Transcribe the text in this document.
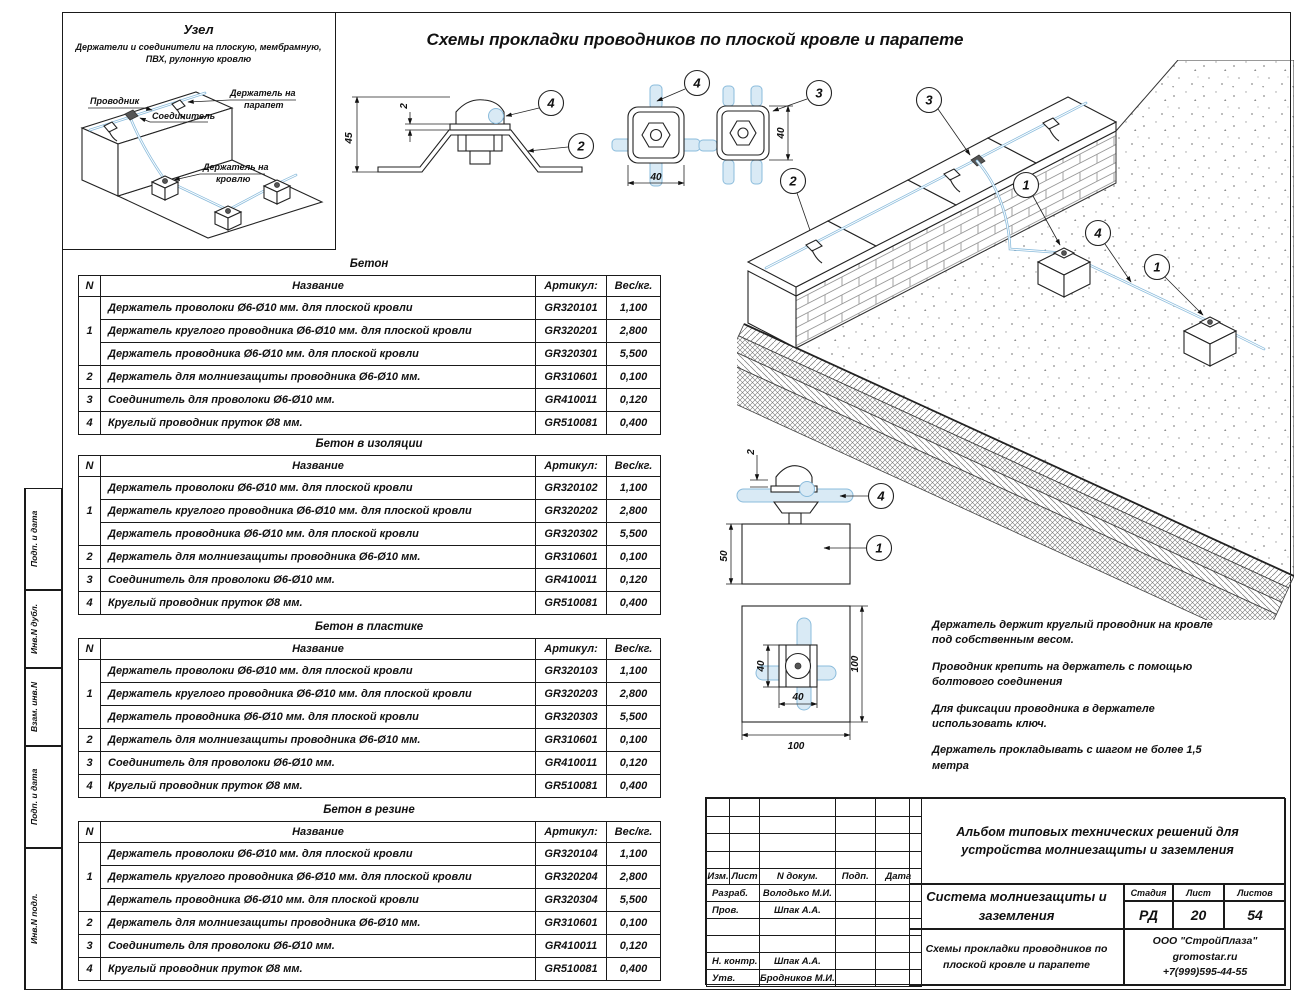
Подп. и дата
Инв.N дубл.
Взам. инв.N
Подп. и дата
Инв.N подл.
Узел
Держатели и соединители на плоскую, мембрамную,
ПВХ, рулонную кровлю
Проводник
Держатель на
парапет
Соединитель
Держатель на
кровлю
Схемы прокладки проводников по плоской кровле и парапете
45
2	4
2
40
4
40
3
2
3
1
4
1
2
4
50
1
40
40
100
100
Бетон
N	Название	Артикул:	Вес/кг.
1	Держатель проволоки Ø6-Ø10 мм. для плоской кровли	GR320101	1,100
	Держатель круглого проводника Ø6-Ø10 мм. для плоской кровли	GR320201	2,800
	Держатель проводника Ø6-Ø10 мм. для плоской кровли	GR320301	5,500
2	Держатель для молниезащиты проводника Ø6-Ø10 мм.	GR310601	0,100
3	Соединитель для проволоки Ø6-Ø10 мм.	GR410011	0,120
4	Круглый проводник пруток Ø8 мм.	GR510081	0,400
Бетон в изоляции
N	Название	Артикул:	Вес/кг.
1	Держатель проволоки Ø6-Ø10 мм. для плоской кровли	GR320102	1,100
	Держатель круглого проводника Ø6-Ø10 мм. для плоской кровли	GR320202	2,800
	Держатель проводника Ø6-Ø10 мм. для плоской кровли	GR320302	5,500
2	Держатель для молниезащиты проводника Ø6-Ø10 мм.	GR310601	0,100
3	Соединитель для проволоки Ø6-Ø10 мм.	GR410011	0,120
4	Круглый проводник пруток Ø8 мм.	GR510081	0,400
Бетон в пластике
N	Название	Артикул:	Вес/кг.
1	Держатель проволоки Ø6-Ø10 мм. для плоской кровли	GR320103	1,100
	Держатель круглого проводника Ø6-Ø10 мм. для плоской кровли	GR320203	2,800
	Держатель проводника Ø6-Ø10 мм. для плоской кровли	GR320303	5,500
2	Держатель для молниезащиты проводника Ø6-Ø10 мм.	GR310601	0,100
3	Соединитель для проволоки Ø6-Ø10 мм.	GR410011	0,120
4	Круглый проводник пруток Ø8 мм.	GR510081	0,400
Бетон в резине
N	Название	Артикул:	Вес/кг.
1	Держатель проволоки Ø6-Ø10 мм. для плоской кровли	GR320104	1,100
	Держатель круглого проводника Ø6-Ø10 мм. для плоской кровли	GR320204	2,800
	Держатель проводника Ø6-Ø10 мм. для плоской кровли	GR320304	5,500
2	Держатель для молниезащиты проводника Ø6-Ø10 мм.	GR310601	0,100
3	Соединитель для проволоки Ø6-Ø10 мм.	GR410011	0,120
4	Круглый проводник пруток Ø8 мм.	GR510081	0,400

Держатель держит круглый проводник на кровле под собственным весом.

Проводник крепить на держатель с помощью болтового соединения

Для фиксации проводника в держателе использовать ключ.

Держатель прокладывать с шагом не более 1,5 метра

Изм.	Лист	N докум.	Подп.	Дата
Разраб.		Володько М.И.		
Пров.		Шпак А.А.		

Н. контр.		Шпак А.А.		
Утв.		Бродников М.И.		
Альбом типовых технических решений для устройства молниезащиты и заземления
Система молниезащиты и заземления
Схемы прокладки проводников по
плоской кровле и парапете
Стадия	Лист	Листов
РД	20	54
ООО "СтройПлаза"
gromostar.ru
+7(999)595-44-55
